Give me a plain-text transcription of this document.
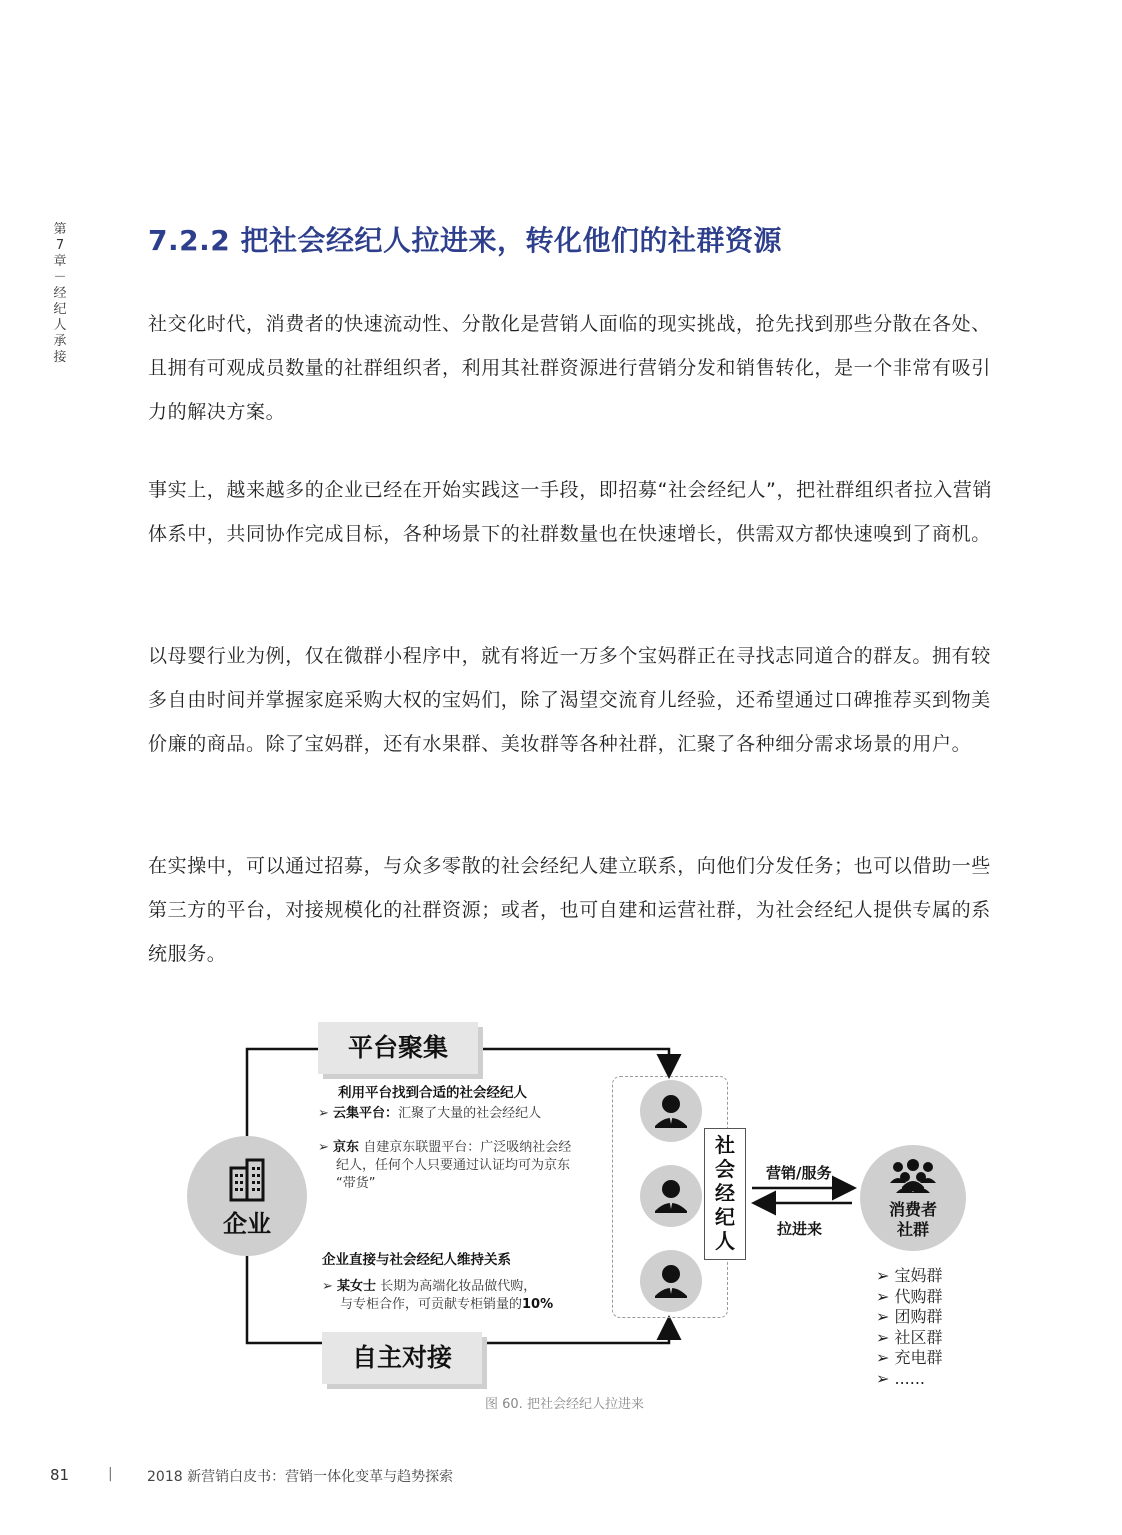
第7章－经纪人承接
7.2.2 把社会经纪人拉进来，转化他们的社群资源

社交化时代，消费者的快速流动性、分散化是营销人面临的现实挑战，抢先找到那些分散在各处、且拥有可观成员数量的社群组织者，利用其社群资源进行营销分发和销售转化，是一个非常有吸引力的解决方案。

事实上，越来越多的企业已经在开始实践这一手段，即招募“社会经纪人”，把社群组织者拉入营销体系中，共同协作完成目标，各种场景下的社群数量也在快速增长，供需双方都快速嗅到了商机。

以母婴行业为例，仅在微群小程序中，就有将近一万多个宝妈群正在寻找志同道合的群友。拥有较多自由时间并掌握家庭采购大权的宝妈们，除了渴望交流育儿经验，还希望通过口碑推荐买到物美价廉的商品。除了宝妈群，还有水果群、美妆群等各种社群，汇聚了各种细分需求场景的用户。

在实操中，可以通过招募，与众多零散的社会经纪人建立联系，向他们分发任务；也可以借助一些第三方的平台，对接规模化的社群资源；或者，也可自建和运营社群，为社会经纪人提供专属的系统服务。

平台聚集
自主对接
企业
利用平台找到合适的社会经纪人
➢ 云集平台：汇聚了大量的社会经纪人
➢ 京东 自建京东联盟平台：广泛吸纳社会经
纪人，任何个人只要通过认证均可为京东
“带货”
企业直接与社会经纪人维持关系
➢ 某女士 长期为高端化妆品做代购，
与专柜合作，可贡献专柜销量的10%
社
会
经
纪
人
营销/服务
拉进来
消费者
社群
➢ 宝妈群
➢ 代购群
➢ 团购群
➢ 社区群
➢ 充电群
➢ ......
图 60. 把社会经纪人拉进来
81	| 2018 新营销白皮书：营销一体化变革与趋势探索
